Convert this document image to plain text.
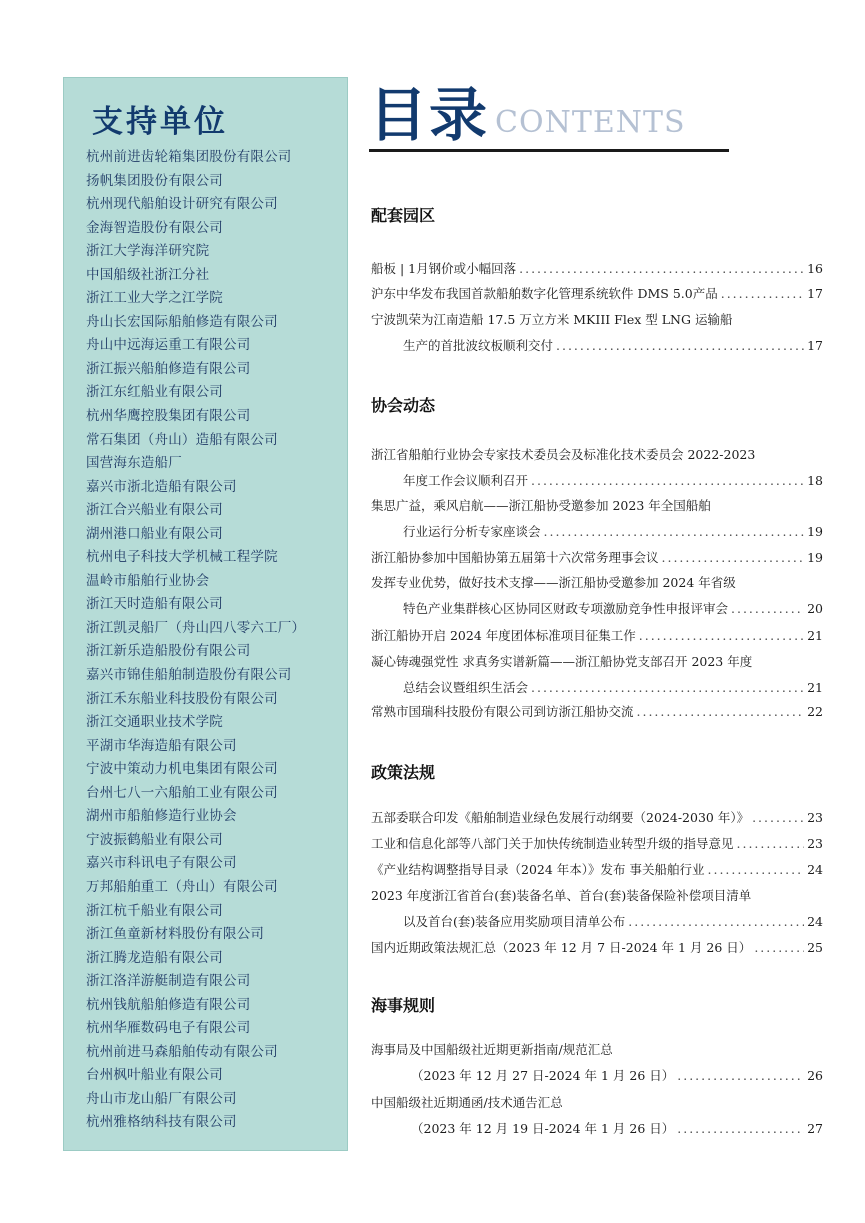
支持单位
杭州前进齿轮箱集团股份有限公司
扬帆集团股份有限公司
杭州现代船舶设计研究有限公司
金海智造股份有限公司
浙江大学海洋研究院
中国船级社浙江分社
浙江工业大学之江学院
舟山长宏国际船舶修造有限公司
舟山中远海运重工有限公司
浙江振兴船舶修造有限公司
浙江东红船业有限公司
杭州华鹰控股集团有限公司
常石集团（舟山）造船有限公司
国营海东造船厂
嘉兴市浙北造船有限公司
浙江合兴船业有限公司
湖州港口船业有限公司
杭州电子科技大学机械工程学院
温岭市船舶行业协会
浙江天时造船有限公司
浙江凯灵船厂（舟山四八零六工厂）
浙江新乐造船股份有限公司
嘉兴市锦佳船舶制造股份有限公司
浙江禾东船业科技股份有限公司
浙江交通职业技术学院
平湖市华海造船有限公司
宁波中策动力机电集团有限公司
台州七八一六船舶工业有限公司
湖州市船舶修造行业协会
宁波振鹤船业有限公司
嘉兴市科讯电子有限公司
万邦船舶重工（舟山）有限公司
浙江杭千船业有限公司
浙江鱼童新材料股份有限公司
浙江腾龙造船有限公司
浙江洛洋游艇制造有限公司
杭州钱航船舶修造有限公司
杭州华雁数码电子有限公司
杭州前进马森船舶传动有限公司
台州枫叶船业有限公司
舟山市龙山船厂有限公司
杭州雅格纳科技有限公司
目录 CONTENTS
配套园区
船板 | 1月钢价或小幅回落 .....	16
沪东中华发布我国首款船舶数字化管理系统软件 DMS 5.0产品 .....	17
宁波凯荣为江南造船 17.5 万立方米 MKIII Flex 型 LNG 运输船
生产的首批波纹板顺利交付 .....	17
协会动态
浙江省船舶行业协会专家技术委员会及标准化技术委员会 2022-2023
年度工作会议顺利召开 .....	18
集思广益，乘风启航——浙江船协受邀参加 2023 年全国船舶
行业运行分析专家座谈会 .....	19
浙江船协参加中国船协第五届第十六次常务理事会议 .....	19
发挥专业优势，做好技术支撑——浙江船协受邀参加 2024 年省级
特色产业集群核心区协同区财政专项激励竞争性申报评审会 .....	20
浙江船协开启 2024 年度团体标准项目征集工作 .....	21
凝心铸魂强党性 求真务实谱新篇——浙江船协党支部召开 2023 年度
总结会议暨组织生活会 .....	21
常熟市国瑞科技股份有限公司到访浙江船协交流 .....	22
政策法规
五部委联合印发《船舶制造业绿色发展行动纲要（2024-2030 年）》 .....	23
工业和信息化部等八部门关于加快传统制造业转型升级的指导意见 .....	23
《产业结构调整指导目录（2024 年本）》发布 事关船舶行业 .....	24
2023 年度浙江省首台(套)装备名单、首台(套)装备保险补偿项目清单
以及首台(套)装备应用奖励项目清单公布 .....	24
国内近期政策法规汇总（2023 年 12 月 7 日-2024 年 1 月 26 日） .....	25
海事规则
海事局及中国船级社近期更新指南/规范汇总
（2023 年 12 月 27 日-2024 年 1 月 26 日） .....	26
中国船级社近期通函/技术通告汇总
（2023 年 12 月 19 日-2024 年 1 月 26 日） .....	27
